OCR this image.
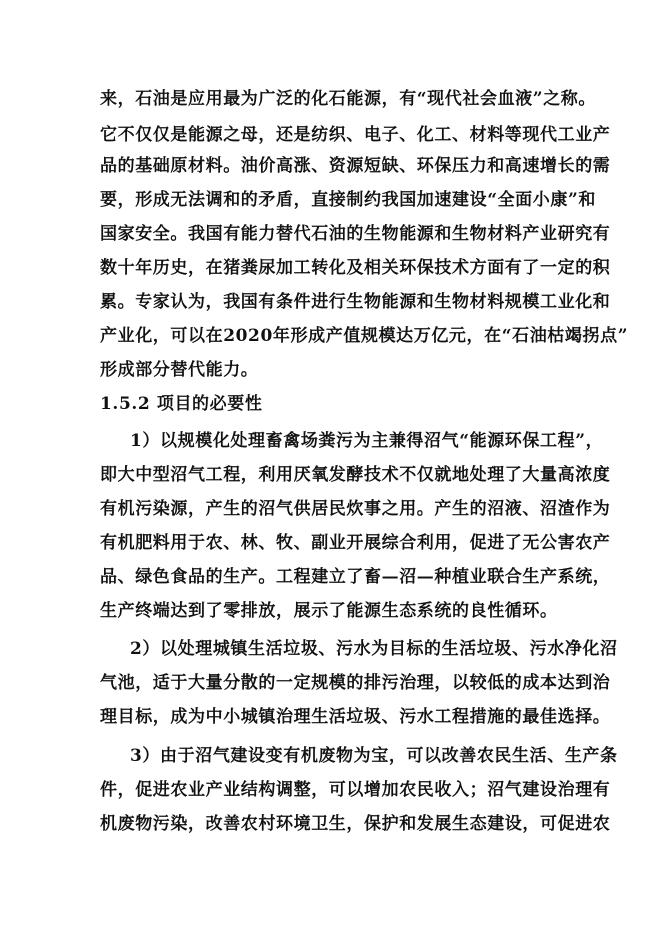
来，石油是应用最为广泛的化石能源，有“现代社会血液”之称。
它不仅仅是能源之母，还是纺织、电子、化工、材料等现代工业产
品的基础原材料。油价高涨、资源短缺、环保压力和高速增长的需
要，形成无法调和的矛盾，直接制约我国加速建设“全面小康”和
国家安全。我国有能力替代石油的生物能源和生物材料产业研究有
数十年历史，在猪粪尿加工转化及相关环保技术方面有了一定的积
累。专家认为，我国有条件进行生物能源和生物材料规模工业化和
产业化，可以在2020年形成产值规模达万亿元，在“石油枯竭拐点”
形成部分替代能力。
1.5.2 项目的必要性
1）以规模化处理畜禽场粪污为主兼得沼气“能源环保工程”，
即大中型沼气工程，利用厌氧发酵技术不仅就地处理了大量高浓度
有机污染源，产生的沼气供居民炊事之用。产生的沼液、沼渣作为
有机肥料用于农、林、牧、副业开展综合利用，促进了无公害农产
品、绿色食品的生产。工程建立了畜—沼—种植业联合生产系统，
生产终端达到了零排放，展示了能源生态系统的良性循环。
2）以处理城镇生活垃圾、污水为目标的生活垃圾、污水净化沼
气池，适于大量分散的一定规模的排污治理，以较低的成本达到治
理目标，成为中小城镇治理生活垃圾、污水工程措施的最佳选择。
3）由于沼气建设变有机废物为宝，可以改善农民生活、生产条
件，促进农业产业结构调整，可以增加农民收入；沼气建设治理有
机废物污染，改善农村环境卫生，保护和发展生态建设，可促进农
